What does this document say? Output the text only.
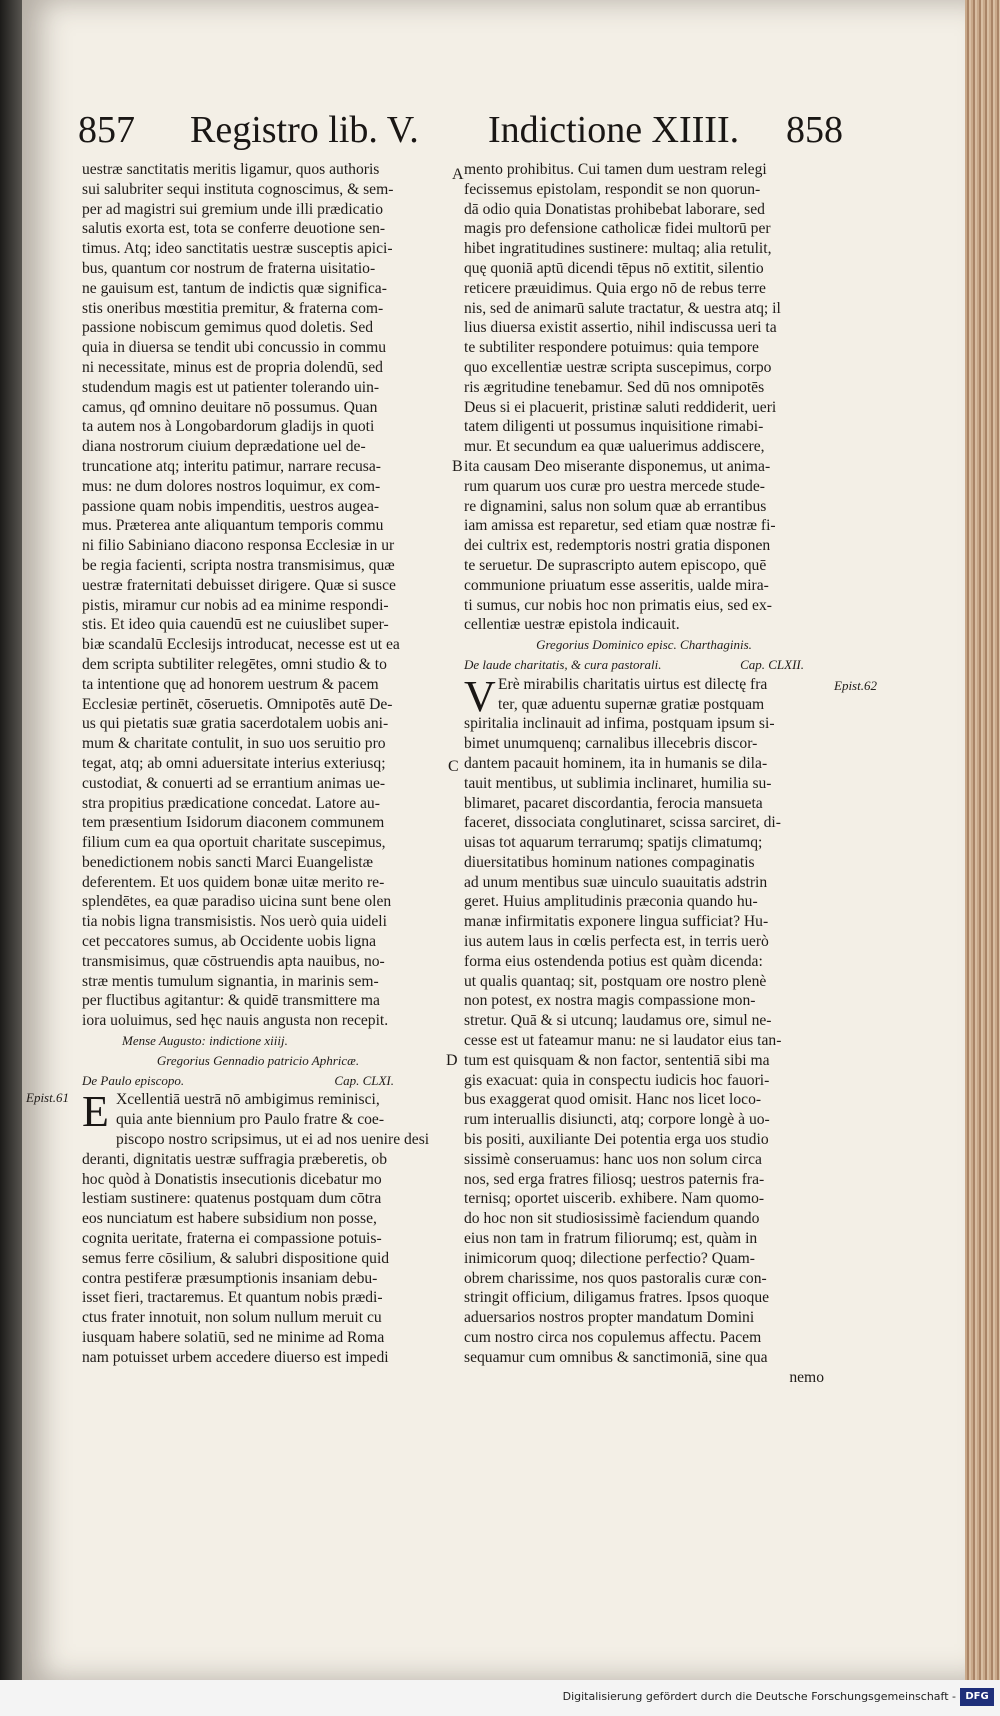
857 Registro lib. V. Indictione XIIII. 858
A
B
C
D
Epist.61
Epist.62
uestræ sanctitatis meritis ligamur, quos authoris
sui salubriter sequi instituta cognoscimus, & sem-
per ad magistri sui gremium unde illi prædicatio
salutis exorta est, tota se conferre deuotione sen-
timus. Atq; ideo sanctitatis uestræ susceptis apici-
bus, quantum cor nostrum de fraterna uisitatio-
ne gauisum est, tantum de indictis quæ significa-
stis oneribus mœstitia premitur, & fraterna com-
passione nobiscum gemimus quod doletis. Sed
quia in diuersa se tendit ubi concussio in commu
ni necessitate, minus est de propria dolendū, sed
studendum magis est ut patienter tolerando uin-
camus, qđ omnino deuitare nō possumus. Quan
ta autem nos à Longobardorum gladijs in quoti
diana nostrorum ciuium deprædatione uel de-
truncatione atq; interitu patimur, narrare recusa-
mus: ne dum dolores nostros loquimur, ex com-
passione quam nobis impenditis, uestros augea-
mus. Præterea ante aliquantum temporis commu
ni filio Sabiniano diacono responsa Ecclesiæ in ur
be regia facienti, scripta nostra transmisimus, quæ
uestræ fraternitati debuisset dirigere. Quæ si susce
pistis, miramur cur nobis ad ea minime respondi-
stis. Et ideo quia cauendū est ne cuiuslibet super-
biæ scandalū Ecclesijs introducat, necesse est ut ea
dem scripta subtiliter relegētes, omni studio & to
ta intentione quę ad honorem uestrum & pacem
Ecclesiæ pertinēt, cōseruetis. Omnipotēs autē De-
us qui pietatis suæ gratia sacerdotalem uobis ani-
mum & charitate contulit, in suo uos seruitio pro
tegat, atq; ab omni aduersitate interius exteriusq;
custodiat, & conuerti ad se errantium animas ue-
stra propitius prædicatione concedat. Latore au-
tem præsentium Isidorum diaconem communem
filium cum ea qua oportuit charitate suscepimus,
benedictionem nobis sancti Marci Euangelistæ
deferentem. Et uos quidem bonæ uitæ merito re-
splendētes, ea quæ paradiso uicina sunt bene olen
tia nobis ligna transmisistis. Nos uerò quia uideli
cet peccatores sumus, ab Occidente uobis ligna
transmisimus, quæ cōstruendis apta nauibus, no-
stræ mentis tumulum signantia, in marinis sem-
per fluctibus agitantur: & quidē transmittere ma
iora uoluimus, sed hęc nauis angusta non recepit.
Mense Augusto: indictione xiiij.
Gregorius Gennadio patricio Aphricæ.
De Paulo episcopo.	Cap. CLXI.
E Xcellentiā uestrā nō ambigimus reminisci,
quia ante biennium pro Paulo fratre & coe-
piscopo nostro scripsimus, ut ei ad nos uenire desi
deranti, dignitatis uestræ suffragia præberetis, ob
hoc quòd à Donatistis insecutionis dicebatur mo
lestiam sustinere: quatenus postquam dum cōtra
eos nunciatum est habere subsidium non posse,
cognita ueritate, fraterna ei compassione potuis-
semus ferre cōsilium, & salubri dispositione quid
contra pestiferæ præsumptionis insaniam debu-
isset fieri, tractaremus. Et quantum nobis prædi-
ctus frater innotuit, non solum nullum meruit cu
iusquam habere solatiū, sed ne minime ad Roma
nam potuisset urbem accedere diuerso est impedi
mento prohibitus. Cui tamen dum uestram relegi
fecissemus epistolam, respondit se non quorun-
dā odio quia Donatistas prohibebat laborare, sed
magis pro defensione catholicæ fidei multorū per
hibet ingratitudines sustinere: multaq; alia retulit,
quę quoniā aptū dicendi tēpus nō extitit, silentio
reticere præuidimus. Quia ergo nō de rebus terre
nis, sed de animarū salute tractatur, & uestra atq; il
lius diuersa existit assertio, nihil indiscussa ueri ta
te subtiliter respondere potuimus: quia tempore
quo excellentiæ uestræ scripta suscepimus, corpo
ris ægritudine tenebamur. Sed dū nos omnipotēs
Deus si ei placuerit, pristinæ saluti reddiderit, ueri
tatem diligenti ut possumus inquisitione rimabi-
mur. Et secundum ea quæ ualuerimus addiscere,
ita causam Deo miserante disponemus, ut anima-
rum quarum uos curæ pro uestra mercede stude-
re dignamini, salus non solum quæ ab errantibus
iam amissa est reparetur, sed etiam quæ nostræ fi-
dei cultrix est, redemptoris nostri gratia disponen
te seruetur. De suprascripto autem episcopo, quē
communione priuatum esse asseritis, ualde mira-
ti sumus, cur nobis hoc non primatis eius, sed ex-
cellentiæ uestræ epistola indicauit.
Gregorius Dominico episc. Charthaginis.
De laude charitatis, & cura pastorali.	Cap. CLXII.
V Erè mirabilis charitatis uirtus est dilectę fra
ter, quæ aduentu supernæ gratiæ postquam
spiritalia inclinauit ad infima, postquam ipsum si-
bimet unumquenq; carnalibus illecebris discor-
dantem pacauit hominem, ita in humanis se dila-
tauit mentibus, ut sublimia inclinaret, humilia su-
blimaret, pacaret discordantia, ferocia mansueta
faceret, dissociata conglutinaret, scissa sarciret, di-
uisas tot aquarum terrarumq; spatijs climatumq;
diuersitatibus hominum nationes compaginatis
ad unum mentibus suæ uinculo suauitatis adstrin
geret. Huius amplitudinis præconia quando hu-
manæ infirmitatis exponere lingua sufficiat? Hu-
ius autem laus in cœlis perfecta est, in terris uerò
forma eius ostendenda potius est quàm dicenda:
ut qualis quantaq; sit, postquam ore nostro plenè
non potest, ex nostra magis compassione mon-
stretur. Quā & si utcunq; laudamus ore, simul ne-
cesse est ut fateamur manu: ne si laudator eius tan-
tum est quisquam & non factor, sententiā sibi ma
gis exacuat: quia in conspectu iudicis hoc fauori-
bus exaggerat quod omisit. Hanc nos licet loco-
rum interuallis disiuncti, atq; corpore longè à uo-
bis positi, auxiliante Dei potentia erga uos studio
sissimè conseruamus: hanc uos non solum circa
nos, sed erga fratres filiosq; uestros paternis fra-
ternisq; oportet uiscerib. exhibere. Nam quomo-
do hoc non sit studiosissimè faciendum quando
eius non tam in fratrum filiorumq; est, quàm in
inimicorum quoq; dilectione perfectio? Quam-
obrem charissime, nos quos pastoralis curæ con-
stringit officium, diligamus fratres. Ipsos quoque
aduersarios nostros propter mandatum Domini
cum nostro circa nos copulemus affectu. Pacem
sequamur cum omnibus & sanctimoniā, sine qua
nemo
Digitalisierung gefördert durch die Deutsche Forschungsgemeinschaft - DFG
